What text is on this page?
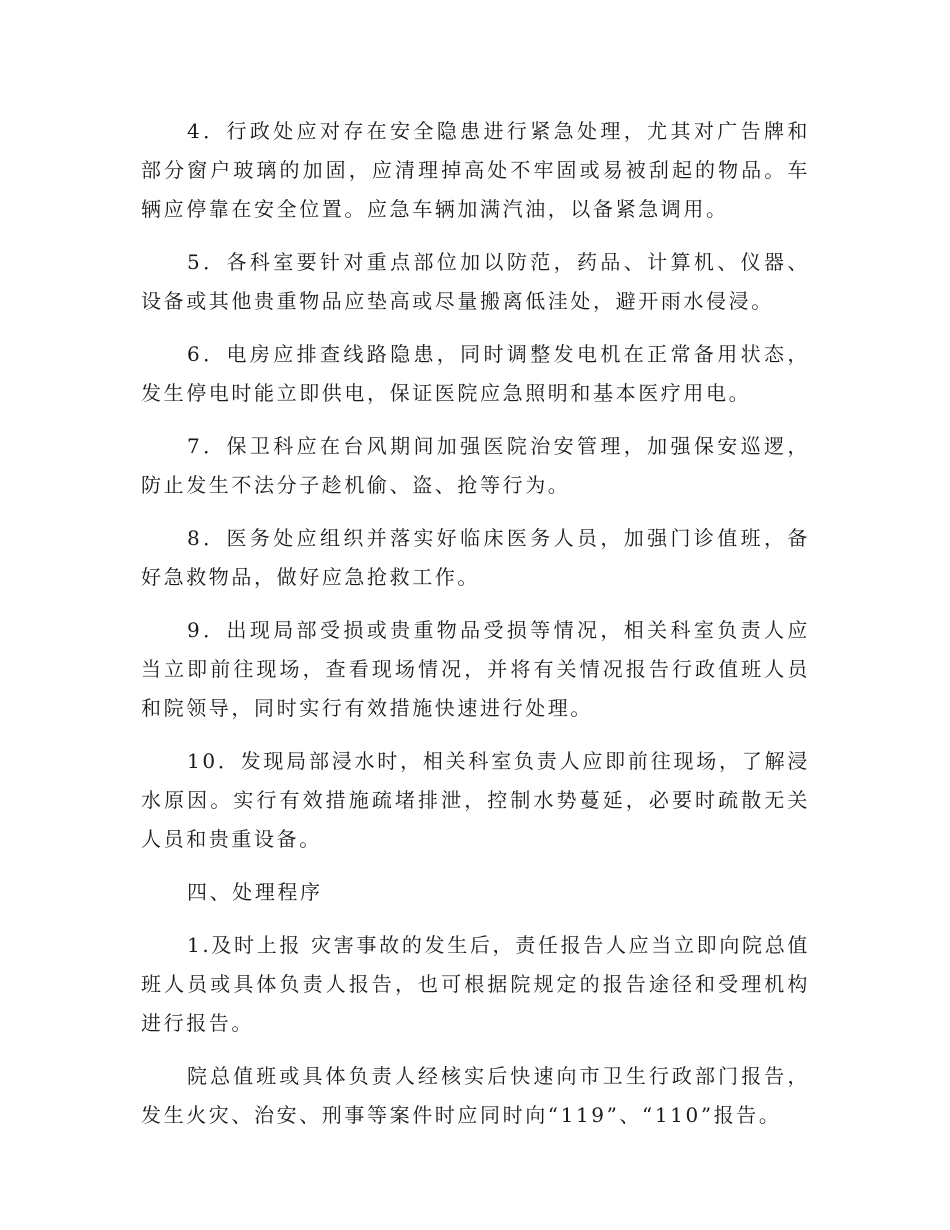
4．行政处应对存在安全隐患进行紧急处理，尤其对广告牌和部分窗户玻璃的加固，应清理掉高处不牢固或易被刮起的物品。车辆应停靠在安全位置。应急车辆加满汽油，以备紧急调用。

5．各科室要针对重点部位加以防范，药品、计算机、仪器、设备或其他贵重物品应垫高或尽量搬离低洼处，避开雨水侵浸。

6．电房应排查线路隐患，同时调整发电机在正常备用状态，发生停电时能立即供电，保证医院应急照明和基本医疗用电。

7．保卫科应在台风期间加强医院治安管理，加强保安巡逻，防止发生不法分子趁机偷、盗、抢等行为。

8．医务处应组织并落实好临床医务人员，加强门诊值班，备好急救物品，做好应急抢救工作。

9．出现局部受损或贵重物品受损等情况，相关科室负责人应当立即前往现场，查看现场情况，并将有关情况报告行政值班人员和院领导，同时实行有效措施快速进行处理。

10．发现局部浸水时，相关科室负责人应即前往现场，了解浸水原因。实行有效措施疏堵排泄，控制水势蔓延，必要时疏散无关人员和贵重设备。

四、处理程序

1.及时上报 灾害事故的发生后，责任报告人应当立即向院总值班人员或具体负责人报告，也可根据院规定的报告途径和受理机构进行报告。

院总值班或具体负责人经核实后快速向市卫生行政部门报告，发生火灾、治安、刑事等案件时应同时向“119”、“110”报告。
